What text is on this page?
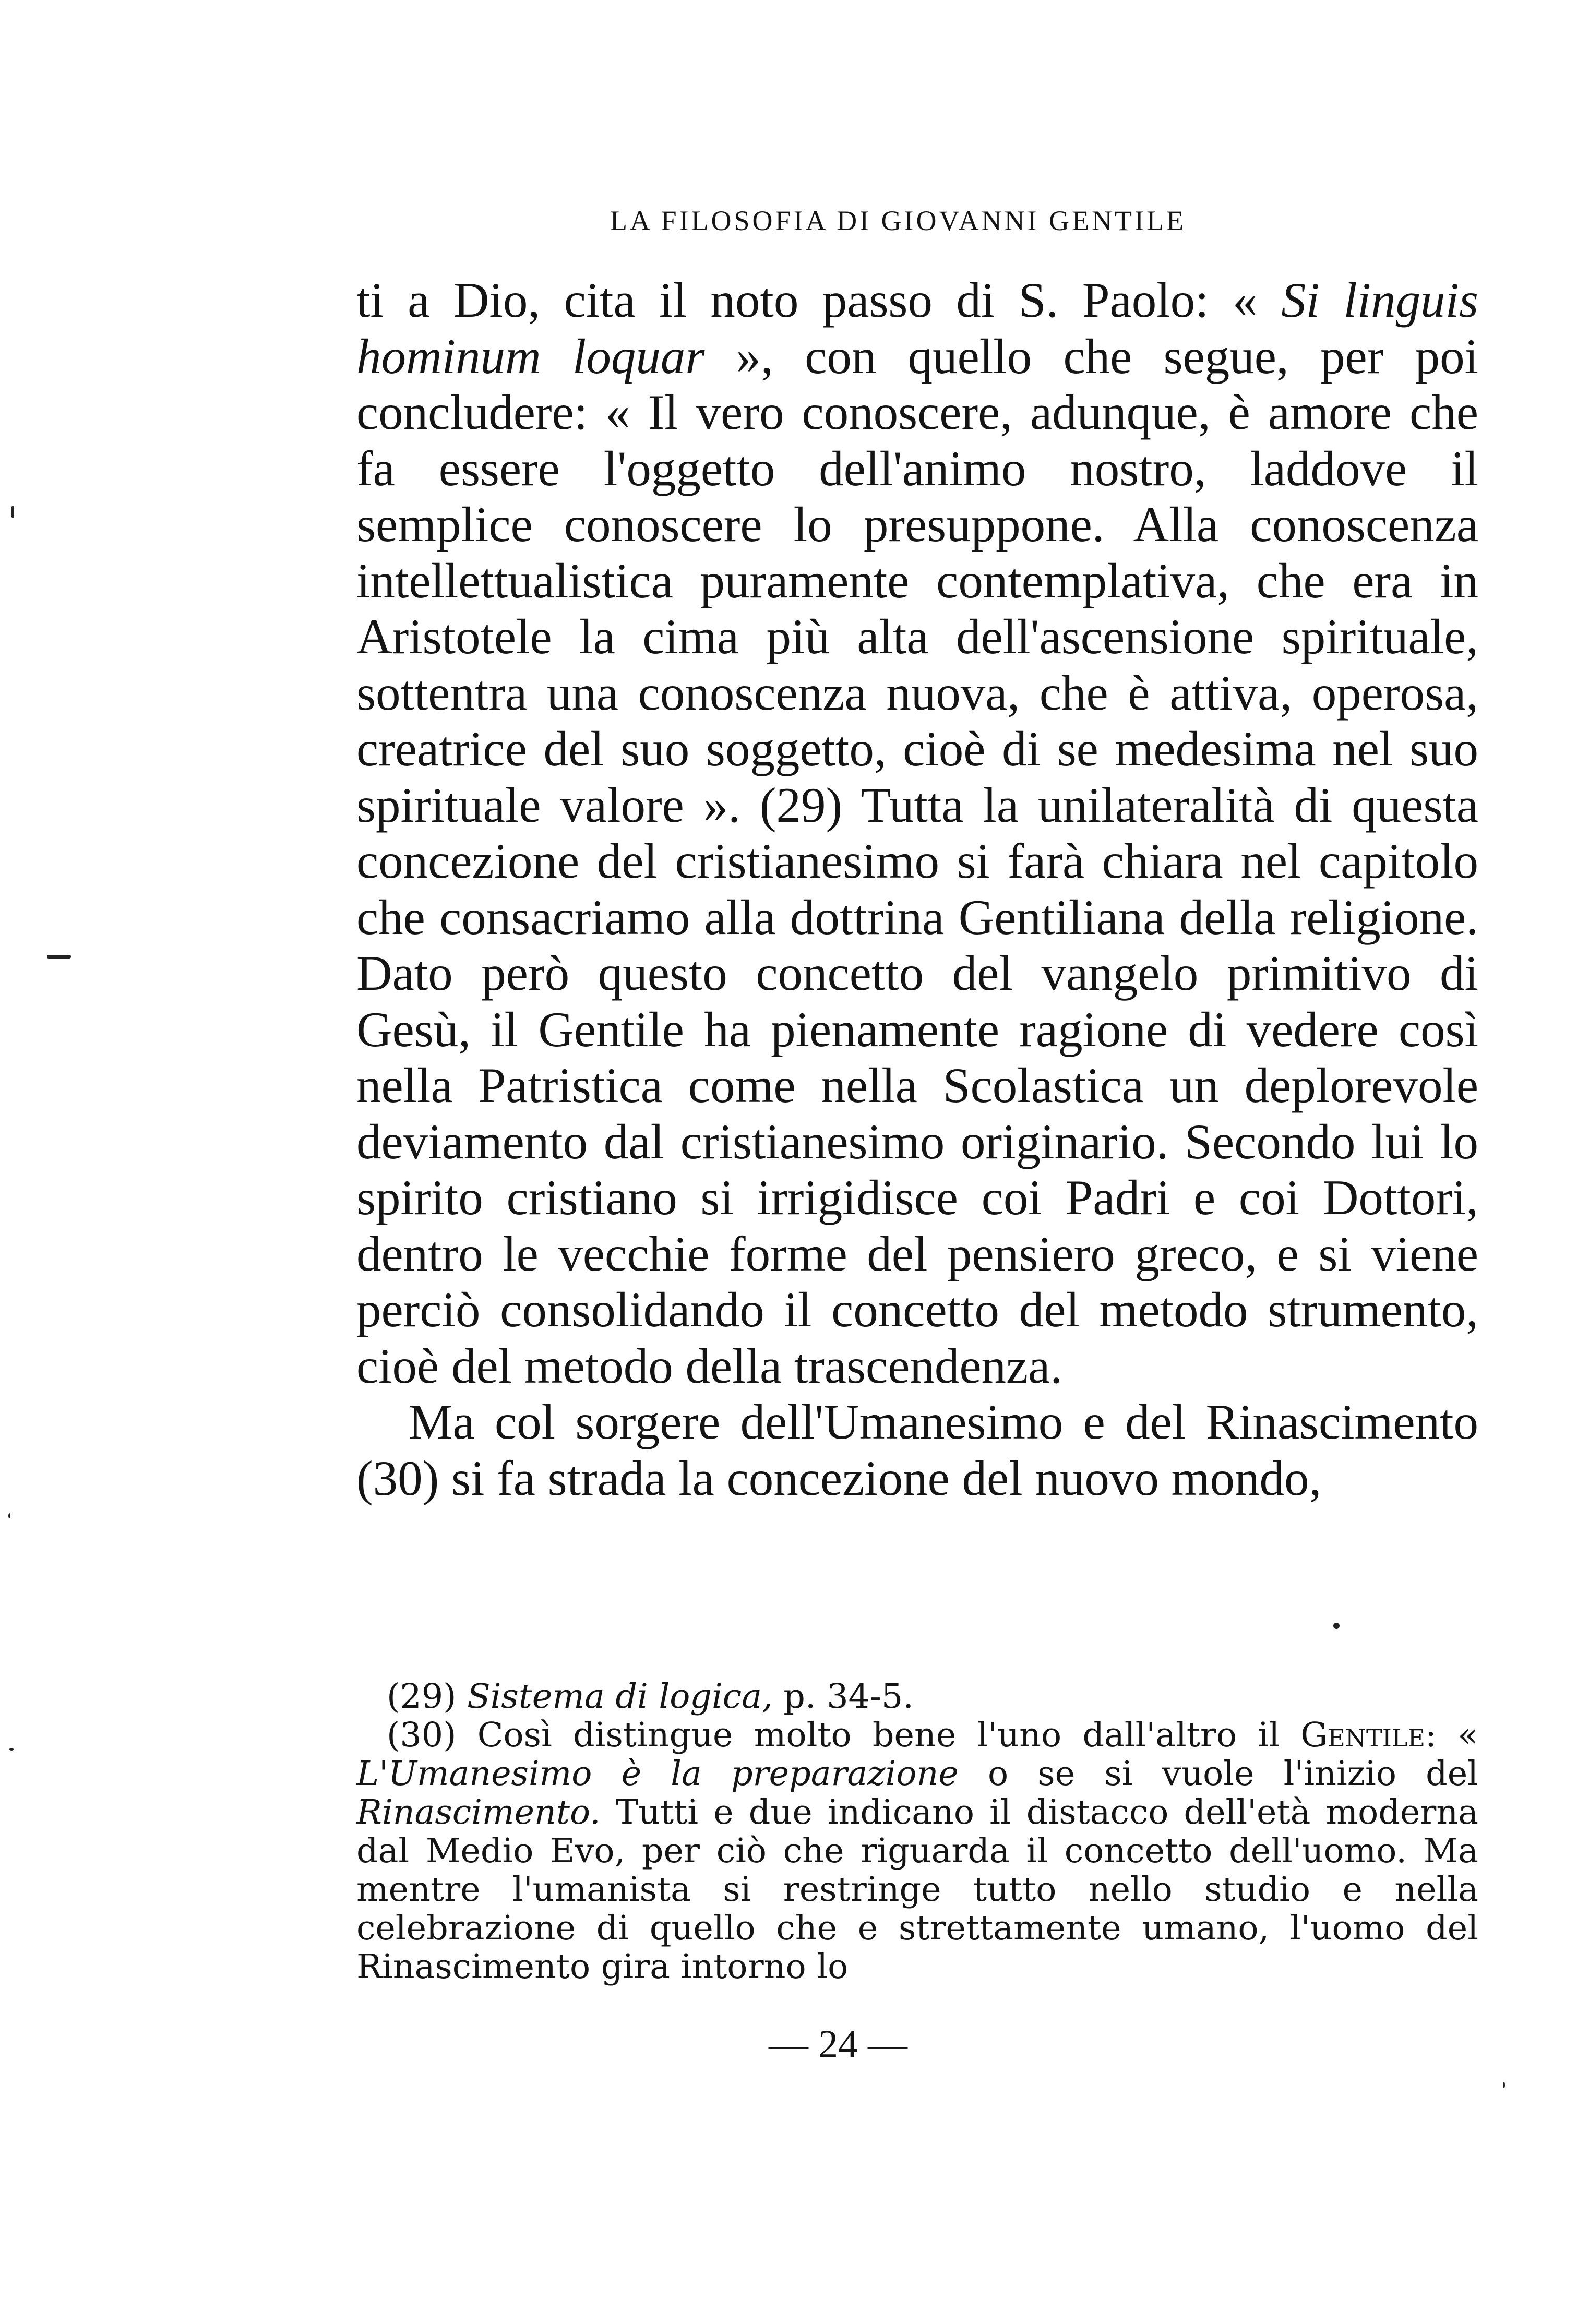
LA FILOSOFIA DI GIOVANNI GENTILE

ti a Dio, cita il noto passo di S. Paolo: « Si linguis hominum loquar », con quello che segue, per poi concludere: « Il vero conoscere, adunque, è amore che fa essere l'oggetto dell'animo nostro, laddove il semplice conoscere lo presuppone. Alla conoscenza intellettualistica puramente contemplativa, che era in Aristotele la cima più alta dell'ascensione spirituale, sottentra una conoscenza nuova, che è attiva, operosa, creatrice del suo soggetto, cioè di se medesima nel suo spirituale valore ». (29) Tutta la unilateralità di questa concezione del cristianesimo si farà chiara nel capitolo che consacriamo alla dottrina Gentiliana della religione. Dato però questo concetto del vangelo primitivo di Gesù, il Gentile ha pienamente ragione di vedere così nella Patristica come nella Scolastica un deplorevole deviamento dal cristianesimo originario. Secondo lui lo spirito cristiano si irrigidisce coi Padri e coi Dottori, dentro le vecchie forme del pensiero greco, e si viene perciò consolidando il concetto del metodo strumento, cioè del metodo della trascendenza.

Ma col sorgere dell'Umanesimo e del Rinascimento (30) si fa strada la concezione del nuovo mondo,

(29) Sistema di logica, p. 34-5.

(30) Così distingue molto bene l'uno dall'altro il Gentile: « L'Umanesimo è la preparazione o se si vuole l'inizio del Rinascimento. Tutti e due indicano il distacco dell'età moderna dal Medio Evo, per ciò che riguarda il concetto dell'uomo. Ma mentre l'umanista si restringe tutto nello studio e nella celebrazione di quello che e strettamente umano, l'uomo del Rinascimento gira intorno lo

— 24 —
